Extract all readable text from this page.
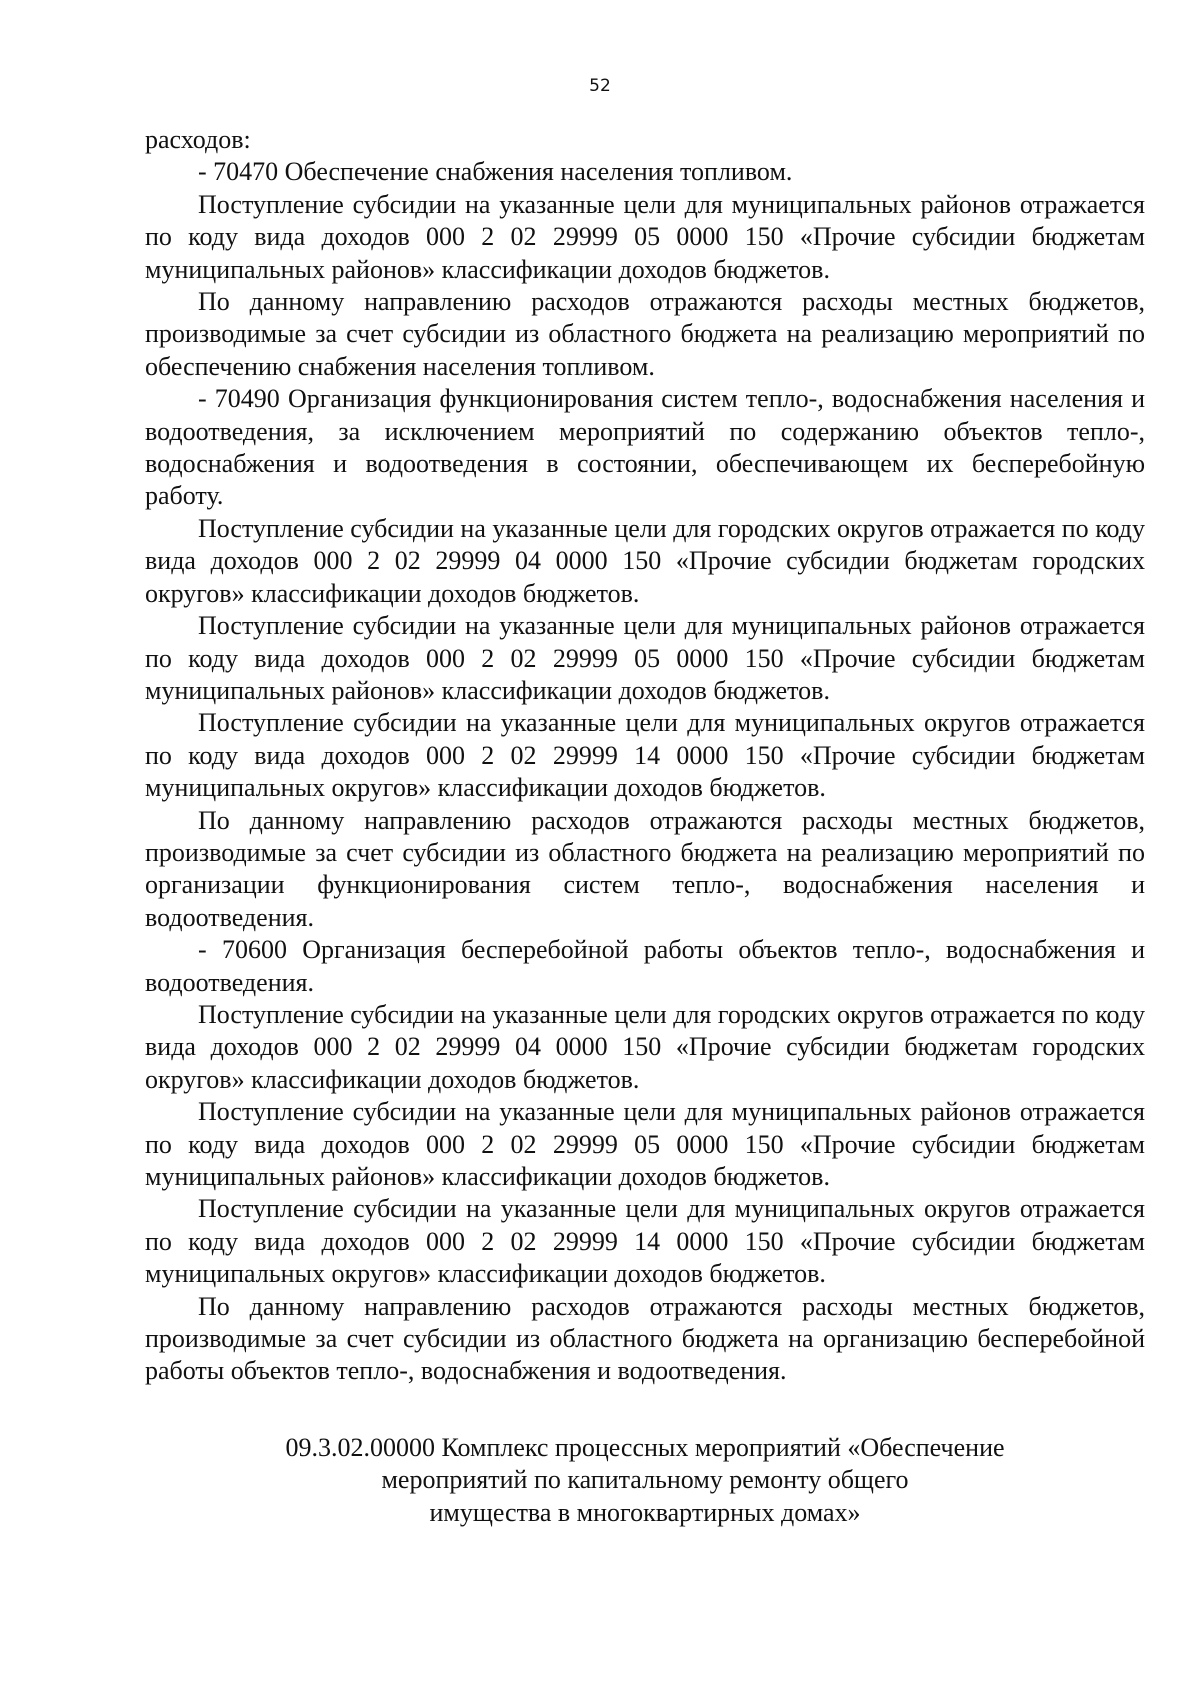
52

расходов:

- 70470 Обеспечение снабжения населения топливом.

Поступление субсидии на указанные цели для муниципальных районов отражается по коду вида доходов 000 2 02 29999 05 0000 150 «Прочие субсидии бюджетам муниципальных районов» классификации доходов бюджетов.

По данному направлению расходов отражаются расходы местных бюджетов, производимые за счет субсидии из областного бюджета на реализацию мероприятий по обеспечению снабжения населения топливом.

- 70490 Организация функционирования систем тепло-, водоснабжения населения и водоотведения, за исключением мероприятий по содержанию объектов тепло-, водоснабжения и водоотведения в состоянии, обеспечивающем их бесперебойную работу.

Поступление субсидии на указанные цели для городских округов отражается по коду вида доходов 000 2 02 29999 04 0000 150 «Прочие субсидии бюджетам городских округов» классификации доходов бюджетов.

Поступление субсидии на указанные цели для муниципальных районов отражается по коду вида доходов 000 2 02 29999 05 0000 150 «Прочие субсидии бюджетам муниципальных районов» классификации доходов бюджетов.

Поступление субсидии на указанные цели для муниципальных округов отражается по коду вида доходов 000 2 02 29999 14 0000 150 «Прочие субсидии бюджетам муниципальных округов» классификации доходов бюджетов.

По данному направлению расходов отражаются расходы местных бюджетов, производимые за счет субсидии из областного бюджета на реализацию мероприятий по организации функционирования систем тепло-, водоснабжения населения и водоотведения.

- 70600 Организация бесперебойной работы объектов тепло-, водоснабжения и водоотведения.

Поступление субсидии на указанные цели для городских округов отражается по коду вида доходов 000 2 02 29999 04 0000 150 «Прочие субсидии бюджетам городских округов» классификации доходов бюджетов.

Поступление субсидии на указанные цели для муниципальных районов отражается по коду вида доходов 000 2 02 29999 05 0000 150 «Прочие субсидии бюджетам муниципальных районов» классификации доходов бюджетов.

Поступление субсидии на указанные цели для муниципальных округов отражается по коду вида доходов 000 2 02 29999 14 0000 150 «Прочие субсидии бюджетам муниципальных округов» классификации доходов бюджетов.

По данному направлению расходов отражаются расходы местных бюджетов, производимые за счет субсидии из областного бюджета на организацию бесперебойной работы объектов тепло-, водоснабжения и водоотведения.

09.3.02.00000 Комплекс процессных мероприятий «Обеспечение
мероприятий по капитальному ремонту общего
имущества в многоквартирных домах»
